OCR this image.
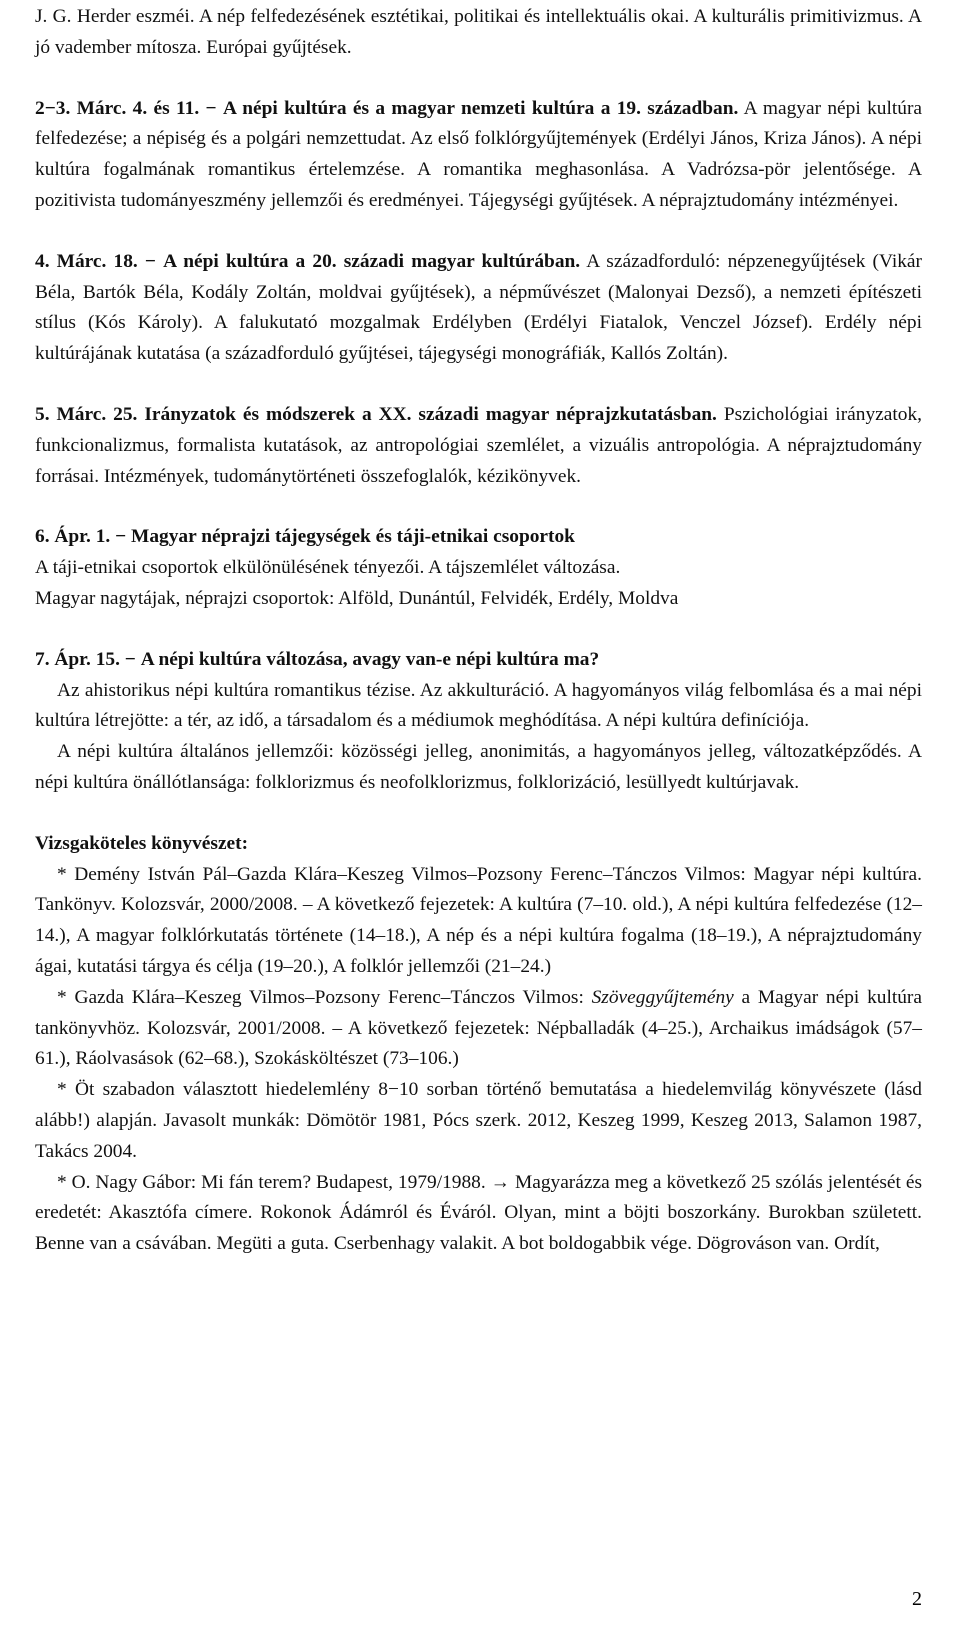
J. G. Herder eszméi. A nép felfedezésének esztétikai, politikai és intellektuális okai. A kulturális primitivizmus. A jó vadember mítosza. Európai gyűjtések.

2−3. Márc. 4. és 11. − A népi kultúra és a magyar nemzeti kultúra a 19. században. A magyar népi kultúra felfedezése; a népiség és a polgári nemzettudat. Az első folklórgyűjtemények (Erdélyi János, Kriza János). A népi kultúra fogalmának romantikus értelemzése. A romantika meghasonlása. A Vadrózsa-pör jelentősége. A pozitivista tudományeszmény jellemzői és eredményei. Tájegységi gyűjtések. A néprajztudomány intézményei.

4. Márc. 18. − A népi kultúra a 20. századi magyar kultúrában. A századforduló: népzenegyűjtések (Vikár Béla, Bartók Béla, Kodály Zoltán, moldvai gyűjtések), a népművészet (Malonyai Dezső), a nemzeti építészeti stílus (Kós Károly). A falukutató mozgalmak Erdélyben (Erdélyi Fiatalok, Venczel József). Erdély népi kultúrájának kutatása (a századforduló gyűjtései, tájegységi monográfiák, Kallós Zoltán).

5. Márc. 25. Irányzatok és módszerek a XX. századi magyar néprajzkutatásban. Pszichológiai irányzatok, funkcionalizmus, formalista kutatások, az antropológiai szemlélet, a vizuális antropológia. A néprajztudomány forrásai. Intézmények, tudománytörténeti összefoglalók, kézikönyvek.

6. Ápr. 1. − Magyar néprajzi tájegységek és táji-etnikai csoportok

A táji-etnikai csoportok elkülönülésének tényezői. A tájszemlélet változása.

Magyar nagytájak, néprajzi csoportok: Alföld, Dunántúl, Felvidék, Erdély, Moldva

7. Ápr. 15. − A népi kultúra változása, avagy van-e népi kultúra ma?

Az ahistorikus népi kultúra romantikus tézise. Az akkulturáció. A hagyományos világ felbomlása és a mai népi kultúra létrejötte: a tér, az idő, a társadalom és a médiumok meghódítása. A népi kultúra definíciója.

A népi kultúra általános jellemzői: közösségi jelleg, anonimitás, a hagyományos jelleg, változatképződés. A népi kultúra önállótlansága: folklorizmus és neofolklorizmus, folklorizáció, lesüllyedt kultúrjavak.

Vizsgaköteles könyvészet:

* Demény István Pál–Gazda Klára–Keszeg Vilmos–Pozsony Ferenc–Tánczos Vilmos: Magyar népi kultúra. Tankönyv. Kolozsvár, 2000/2008. – A következő fejezetek: A kultúra (7–10. old.), A népi kultúra felfedezése (12–14.), A magyar folklórkutatás története (14–18.), A nép és a népi kultúra fogalma (18–19.), A néprajztudomány ágai, kutatási tárgya és célja (19–20.), A folklór jellemzői (21–24.)

* Gazda Klára–Keszeg Vilmos–Pozsony Ferenc–Tánczos Vilmos: Szöveggyűjtemény a Magyar népi kultúra tankönyvhöz. Kolozsvár, 2001/2008. – A következő fejezetek: Népballadák (4–25.), Archaikus imádságok (57–61.), Ráolvasások (62–68.), Szokásköltészet (73–106.)

* Öt szabadon választott hiedelemlény 8−10 sorban történő bemutatása a hiedelemvilág könyvészete (lásd alább!) alapján. Javasolt munkák: Dömötör 1981, Pócs szerk. 2012, Keszeg 1999, Keszeg 2013, Salamon 1987, Takács 2004.

* O. Nagy Gábor: Mi fán terem? Budapest, 1979/1988. → Magyarázza meg a következő 25 szólás jelentését és eredetét: Akasztófa címere. Rokonok Ádámról és Éváról. Olyan, mint a böjti boszorkány. Burokban született. Benne van a csávában. Megüti a guta. Cserbenhagy valakit. A bot boldogabbik vége. Dögrováson van. Ordít,

2
